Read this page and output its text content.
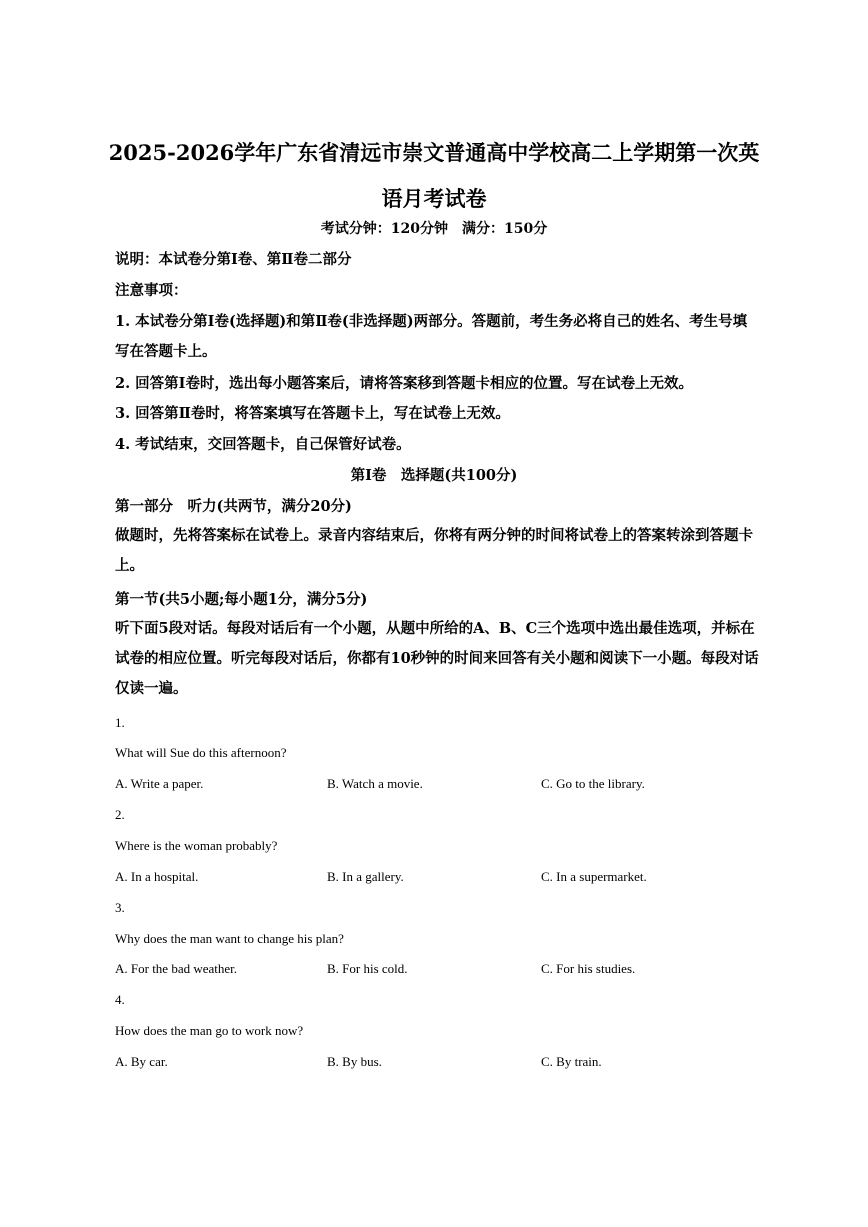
2025-2026学年广东省清远市崇文普通高中学校高二上学期第一次英语月考试卷
考试分钟：120分钟　满分：150分
说明：本试卷分第Ⅰ卷、第Ⅱ卷二部分
注意事项：
1. 本试卷分第Ⅰ卷(选择题)和第Ⅱ卷(非选择题)两部分。答题前，考生务必将自己的姓名、考生号填写在答题卡上。
2. 回答第Ⅰ卷时，选出每小题答案后，请将答案移到答题卡相应的位置。写在试卷上无效。
3. 回答第Ⅱ卷时，将答案填写在答题卡上，写在试卷上无效。
4. 考试结束，交回答题卡，自己保管好试卷。
第Ⅰ卷　选择题(共100分)
第一部分　听力(共两节，满分20分)
做题时，先将答案标在试卷上。录音内容结束后，你将有两分钟的时间将试卷上的答案转涂到答题卡上。
第一节(共5小题;每小题1分，满分5分)
听下面5段对话。每段对话后有一个小题，从题中所给的A、B、C三个选项中选出最佳选项，并标在试卷的相应位置。听完每段对话后，你都有10秒钟的时间来回答有关小题和阅读下一小题。每段对话仅读一遍。
1.
What will Sue do this afternoon?
A. Write a paper.	B. Watch a movie.	C. Go to the library.
2.
Where is the woman probably?
A. In a hospital.	B. In a gallery.	C. In a supermarket.
3.
Why does the man want to change his plan?
A. For the bad weather.	B. For his cold.	C. For his studies.
4.
How does the man go to work now?
A. By car.	B. By bus.	C. By train.
